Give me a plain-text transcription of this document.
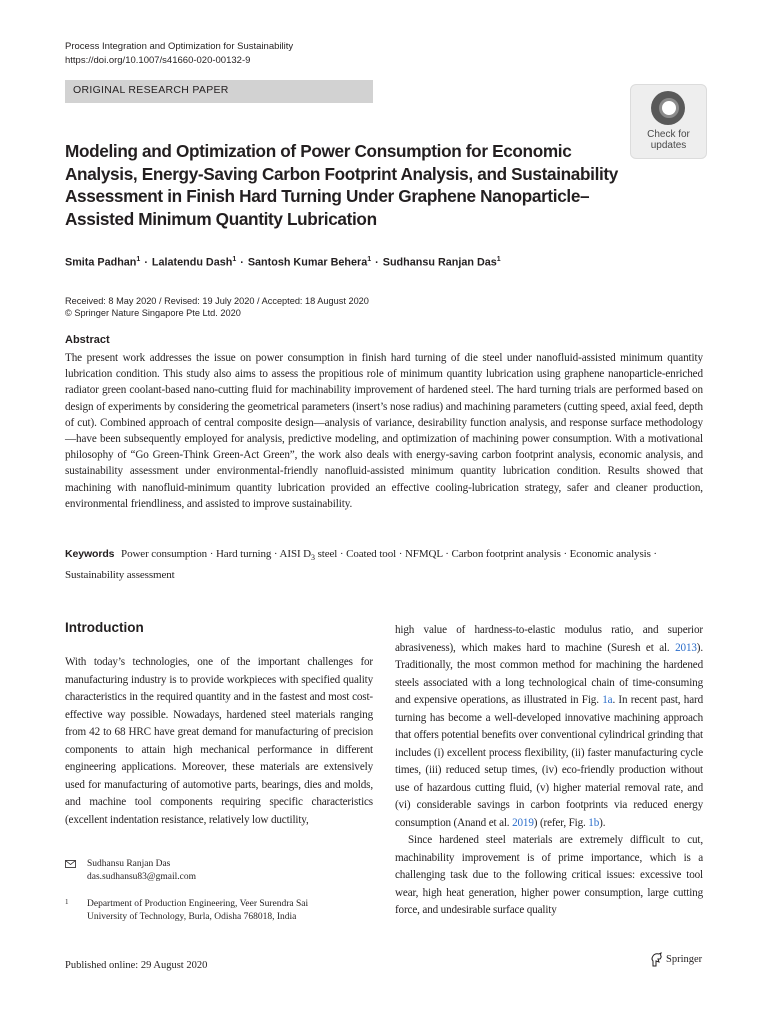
Process Integration and Optimization for Sustainability
https://doi.org/10.1007/s41660-020-00132-9
ORIGINAL RESEARCH PAPER
Check for
updates
Modeling and Optimization of Power Consumption for Economic Analysis, Energy-Saving Carbon Footprint Analysis, and Sustainability Assessment in Finish Hard Turning Under Graphene Nanoparticle–Assisted Minimum Quantity Lubrication
Smita Padhan$^1$ · Lalatendu Dash$^1$ · Santosh Kumar Behera$^1$ · Sudhansu Ranjan Das$^1$
Received: 8 May 2020 / Revised: 19 July 2020 / Accepted: 18 August 2020
© Springer Nature Singapore Pte Ltd. 2020
Abstract
The present work addresses the issue on power consumption in finish hard turning of die steel under nanofluid-assisted minimum quantity lubrication condition. This study also aims to assess the propitious role of minimum quantity lubrication using graphene nanoparticle-enriched radiator green coolant-based nano-cutting fluid for machinability improvement of hardened steel. The hard turning trials are performed based on design of experiments by considering the geometrical parameters (insert’s nose radius) and machining parameters (cutting speed, axial feed, depth of cut). Combined approach of central composite design—analysis of variance, desirability function analysis, and response surface methodology—have been subsequently employed for analysis, predictive modeling, and optimization of machining power consumption. With a motivational philosophy of “Go Green-Think Green-Act Green”, the work also deals with energy-saving carbon footprint analysis, economic analysis, and sustainability assessment under environmental-friendly nanofluid-assisted minimum quantity lubrication condition. Results showed that machining with nanofluid-minimum quantity lubrication provided an effective cooling-lubrication strategy, safer and cleaner production, environmental friendliness, and assisted to improve sustainability.
Keywords Power consumption · Hard turning · AISI $D_3$ steel · Coated tool · NFMQL · Carbon footprint analysis · Economic analysis · Sustainability assessment
Introduction

With today’s technologies, one of the important challenges for manufacturing industry is to provide workpieces with specified quality characteristics in the required quantity and in the fastest and most cost-effective way possible. Nowadays, hardened steel materials ranging from 42 to 68 HRC have great demand for manufacturing of precision components to attain high mechanical performance in different engineering applications. Moreover, these materials are extensively used for manufacturing of automotive parts, bearings, dies and molds, and machine tool components requiring specific characteristics (excellent indentation resistance, relatively low ductility,

high value of hardness-to-elastic modulus ratio, and superior abrasiveness), which makes hard to machine (Suresh et al. 2013). Traditionally, the most common method for machining the hardened steels associated with a long technological chain of time-consuming and expensive operations, as illustrated in Fig. 1a. In recent past, hard turning has become a well-developed innovative machining approach that offers potential benefits over conventional cylindrical grinding that includes (i) excellent process flexibility, (ii) faster manufacturing cycle times, (iii) reduced setup times, (iv) eco-friendly production without use of hazardous cutting fluid, (v) higher material removal rate, and (vi) considerable savings in carbon footprints via reduced energy consumption (Anand et al. 2019) (refer, Fig. 1b).

Since hardened steel materials are extremely difficult to cut, machinability improvement is of prime importance, which is a challenging task due to the following critical issues: excessive tool wear, high heat generation, higher power consumption, large cutting force, and undesirable surface quality

Sudhansu Ranjan Das
das.sudhansu83@gmail.com
1 Department of Production Engineering, Veer Surendra Sai
University of Technology, Burla, Odisha 768018, India
Published online: 29 August 2020
Springer
